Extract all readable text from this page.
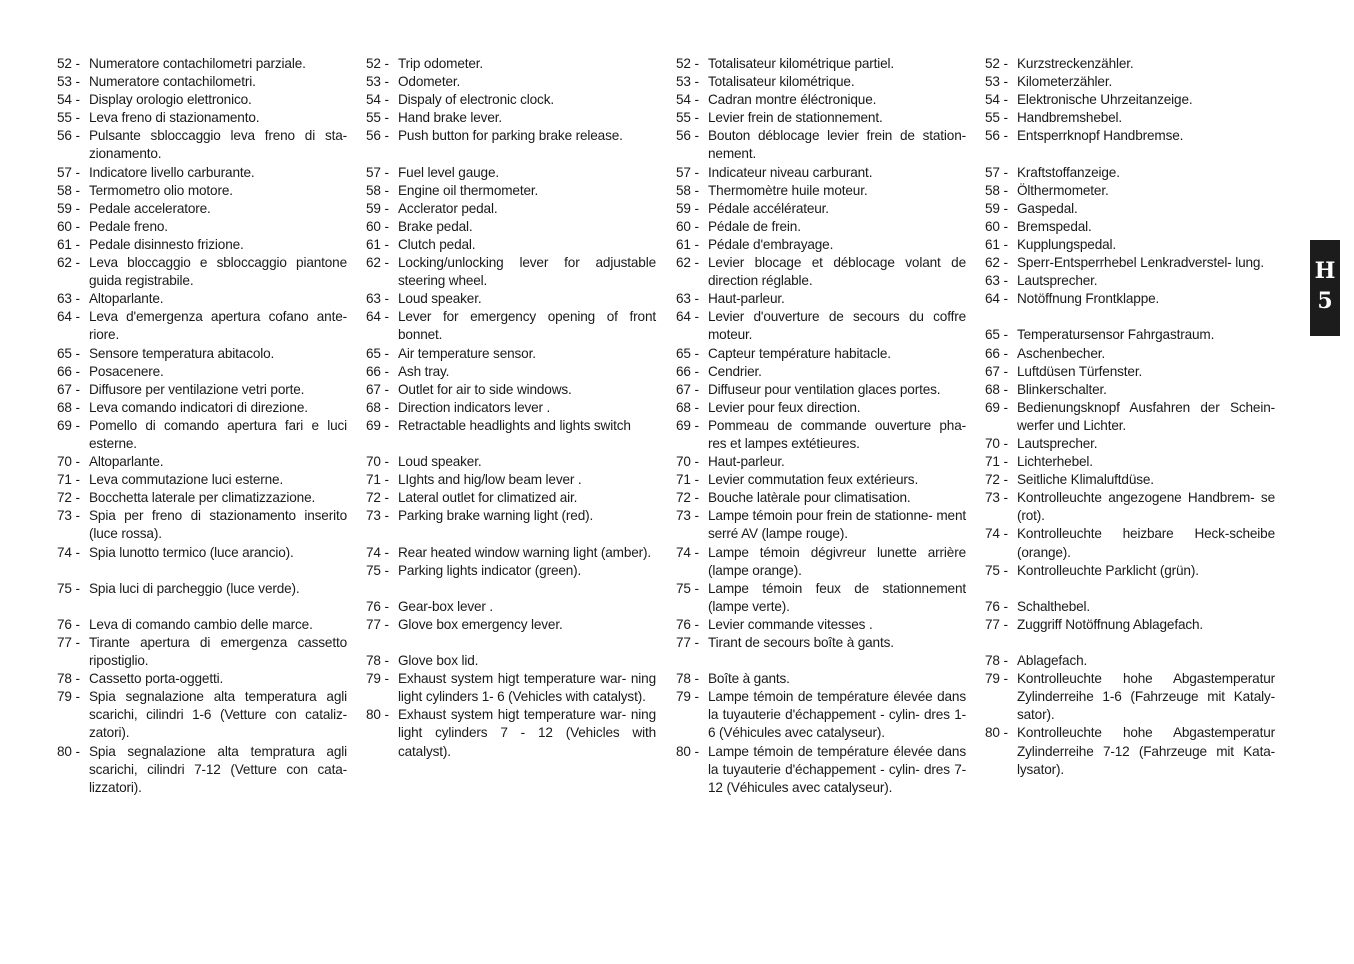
52 - Numeratore contachilometri parziale.
53 - Numeratore contachilometri.
54 - Display orologio elettronico.
55 - Leva freno di stazionamento.
56 - Pulsante sbloccaggio leva freno di sta- zionamento.
57 - Indicatore livello carburante.
58 - Termometro olio motore.
59 - Pedale acceleratore.
60 - Pedale freno.
61 - Pedale disinnesto frizione.
62 - Leva bloccaggio e sbloccaggio piantone guida registrabile.
63 - Altoparlante.
64 - Leva d'emergenza apertura cofano ante- riore.
65 - Sensore temperatura abitacolo.
66 - Posacenere.
67 - Diffusore per ventilazione vetri porte.
68 - Leva comando indicatori di direzione.
69 - Pomello di comando apertura fari e luci esterne.
70 - Altoparlante.
71 - Leva commutazione luci esterne.
72 - Bocchetta laterale per climatizzazione.
73 - Spia per freno di stazionamento inserito (luce rossa).
74 - Spia lunotto termico (luce arancio).
75 - Spia luci di parcheggio (luce verde).
76 - Leva di comando cambio delle marce.
77 - Tirante apertura di emergenza cassetto ripostiglio.
78 - Cassetto porta-oggetti.
79 - Spia segnalazione alta temperatura agli scarichi, cilindri 1-6 (Vetture con cataliz- zatori).
80 - Spia segnalazione alta tempratura agli scarichi, cilindri 7-12 (Vetture con cata- lizzatori).
52 - Trip odometer.
53 - Odometer.
54 - Dispaly of electronic clock.
55 - Hand brake lever.
56 - Push button for parking brake release.
57 - Fuel level gauge.
58 - Engine oil thermometer.
59 - Acclerator pedal.
60 - Brake pedal.
61 - Clutch pedal.
62 - Locking/unlocking lever for adjustable steering wheel.
63 - Loud speaker.
64 - Lever for emergency opening of front bonnet.
65 - Air temperature sensor.
66 - Ash tray.
67 - Outlet for air to side windows.
68 - Direction indicators lever .
69 - Retractable headlights and lights switch
70 - Loud speaker.
71 - LIghts and hig/low beam lever .
72 - Lateral outlet for climatized air.
73 - Parking brake warning light (red).
74 - Rear heated window warning light (amber).
75 - Parking lights indicator (green).
76 - Gear-box lever .
77 - Glove box emergency lever.
78 - Glove box lid.
79 - Exhaust system higt temperature war- ning light cylinders 1- 6 (Vehicles with catalyst).
80 - Exhaust system higt temperature war- ning light cylinders 7 - 12 (Vehicles with catalyst).
52 - Totalisateur kilométrique partiel.
53 - Totalisateur kilométrique.
54 - Cadran montre éléctronique.
55 - Levier frein de stationnement.
56 - Bouton déblocage levier frein de station- nement.
57 - Indicateur niveau carburant.
58 - Thermomètre huile moteur.
59 - Pédale accélérateur.
60 - Pédale de frein.
61 - Pédale d'embrayage.
62 - Levier blocage et déblocage volant de direction réglable.
63 - Haut-parleur.
64 - Levier d'ouverture de secours du coffre moteur.
65 - Capteur température habitacle.
66 - Cendrier.
67 - Diffuseur pour ventilation glaces portes.
68 - Levier pour feux direction.
69 - Pommeau de commande ouverture pha- res et lampes extétieures.
70 - Haut-parleur.
71 - Levier commutation feux extérieurs.
72 - Bouche latèrale pour climatisation.
73 - Lampe témoin pour frein de stationne- ment serré AV (lampe rouge).
74 - Lampe témoin dégivreur lunette arrière (lampe orange).
75 - Lampe témoin feux de stationnement (lampe verte).
76 - Levier commande vitesses .
77 - Tirant de secours boîte à gants.
78 - Boîte à gants.
79 - Lampe témoin de température élevée dans la tuyauterie d'échappement - cylin- dres 1-6 (Véhicules avec catalyseur).
80 - Lampe témoin de température élevée dans la tuyauterie d'échappement - cylin- dres 7-12 (Véhicules avec catalyseur).
52 - Kurzstreckenzähler.
53 - Kilometerzähler.
54 - Elektronische Uhrzeitanzeige.
55 - Handbremshebel.
56 - Entsperrknopf Handbremse.
57 - Kraftstoffanzeige.
58 - Ölthermometer.
59 - Gaspedal.
60 - Bremspedal.
61 - Kupplungspedal.
62 - Sperr-Entsperrhebel Lenkradverstel- lung.
63 - Lautsprecher.
64 - Notöffnung Frontklappe.
65 - Temperatursensor Fahrgastraum.
66 - Aschenbecher.
67 - Luftdüsen Türfenster.
68 - Blinkerschalter.
69 - Bedienungsknopf Ausfahren der Schein- werfer und Lichter.
70 - Lautsprecher.
71 - Lichterhebel.
72 - Seitliche Klimaluftdüse.
73 - Kontrolleuchte angezogene Handbrem- se (rot).
74 - Kontrolleuchte heizbare Heck-scheibe (orange).
75 - Kontrolleuchte Parklicht (grün).
76 - Schalthebel.
77 - Zuggriff Notöffnung Ablagefach.
78 - Ablagefach.
79 - Kontrolleuchte hohe Abgastemperatur Zylinderreihe 1-6 (Fahrzeuge mit Kataly- sator).
80 - Kontrolleuchte hohe Abgastemperatur Zylinderreihe 7-12 (Fahrzeuge mit Kata- lysator).
H
5
